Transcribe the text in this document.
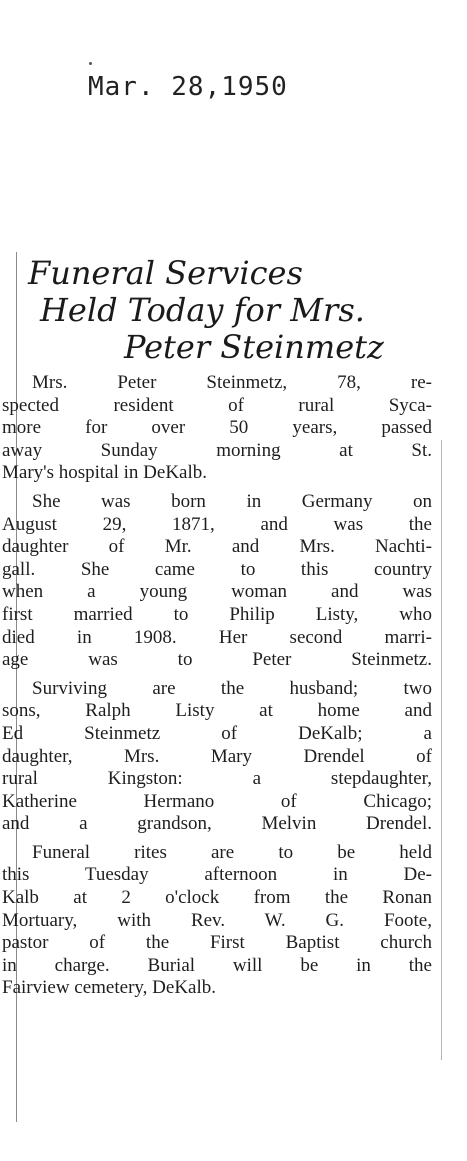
Mar. 28,1950
Funeral Services
Held Today for Mrs.
Peter Steinmetz
Mrs. Peter Steinmetz, 78, re-
spected resident of rural Syca-
more for over 50 years, passed
away Sunday morning at St.
Mary's hospital in DeKalb.
She was born in Germany on
August 29, 1871, and was the
daughter of Mr. and Mrs. Nachti-
gall. She came to this country
when a young woman and was
first married to Philip Listy, who
died in 1908. Her second marri-
age was to Peter Steinmetz.
Surviving are the husband; two
sons, Ralph Listy at home and
Ed Steinmetz of DeKalb; a
daughter, Mrs. Mary Drendel of
rural Kingston: a stepdaughter,
Katherine Hermano of Chicago;
and a grandson, Melvin Drendel.
Funeral rites are to be held
this Tuesday afternoon in De-
Kalb at 2 o'clock from the Ronan
Mortuary, with Rev. W. G. Foote,
pastor of the First Baptist church
in charge. Burial will be in the
Fairview cemetery, DeKalb.
